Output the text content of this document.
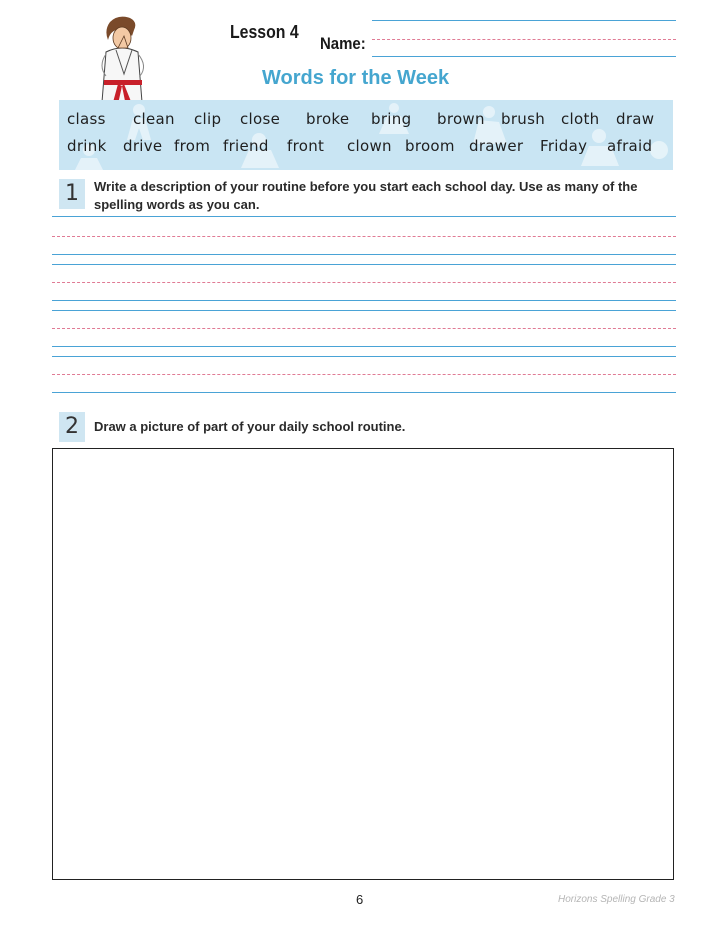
Lesson 4
Name:
Words for the Week
class clean clip close broke bring brown brush cloth draw
drink drive from friend front clown broom drawer Friday afraid
1	Write a description of your routine before you start each school day. Use as many of the spelling words as you can.
2	Draw a picture of part of your daily school routine.
6	Horizons Spelling Grade 3
